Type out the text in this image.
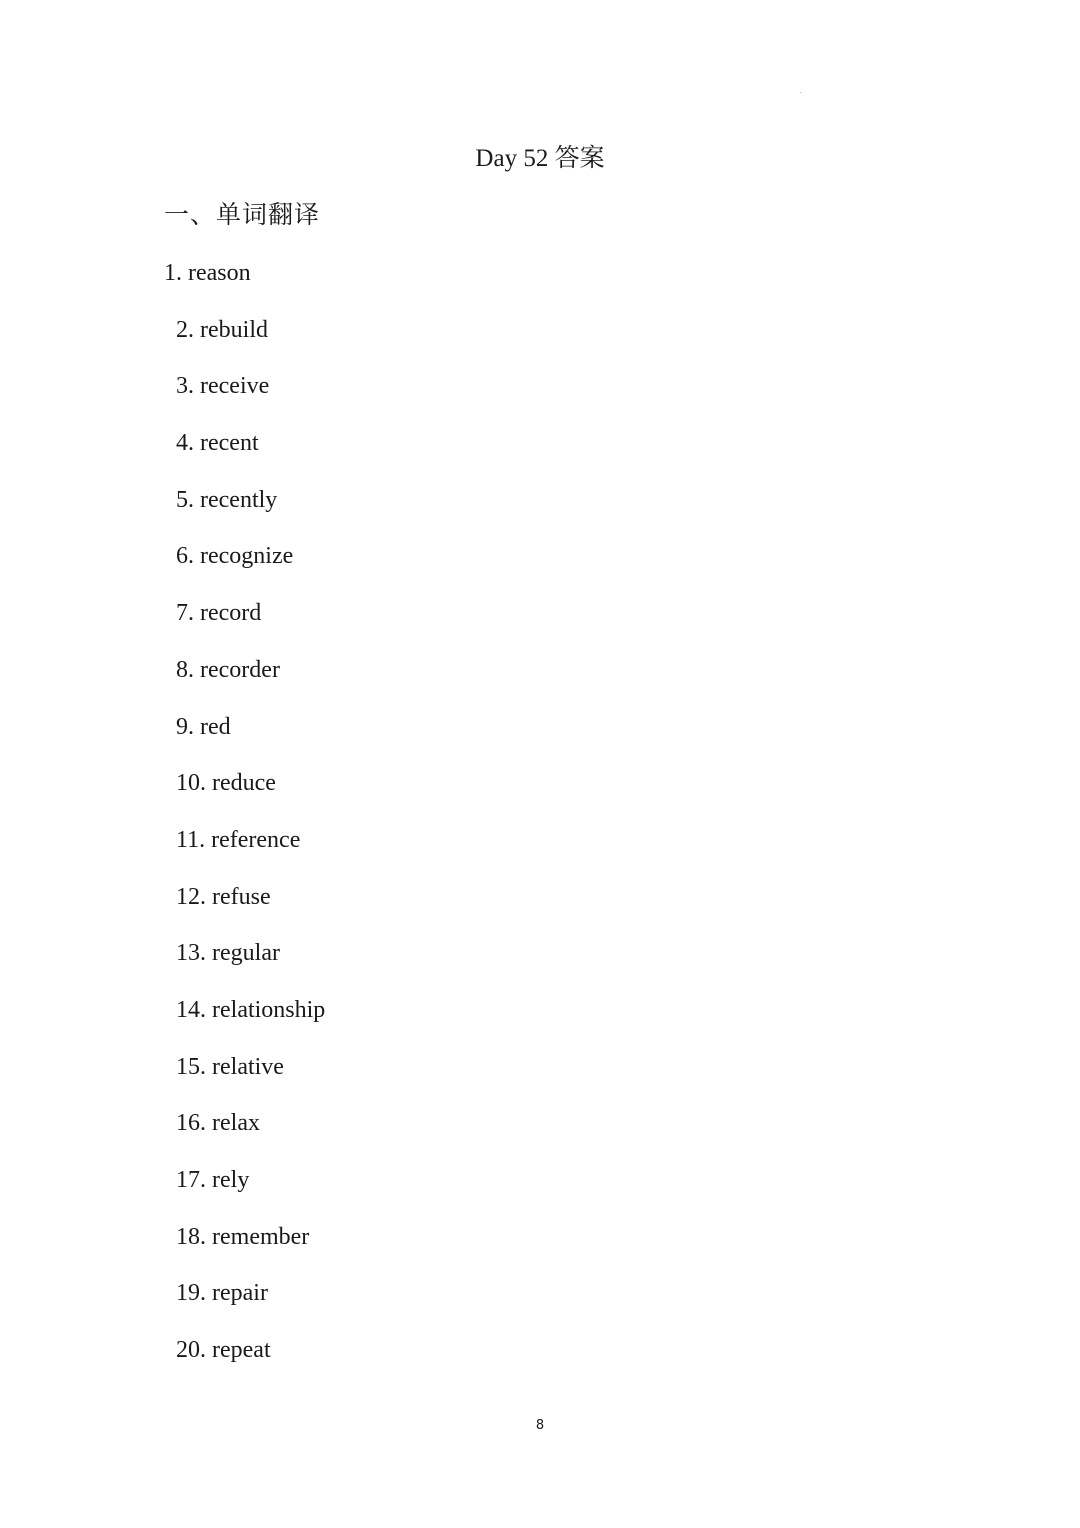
Day 52 答案
一、单词翻译
1. reason
2. rebuild
3. receive
4. recent
5. recently
6. recognize
7. record
8. recorder
9. red
10. reduce
11. reference
12. refuse
13. regular
14. relationship
15. relative
16. relax
17. rely
18. remember
19. repair
20. repeat
8
